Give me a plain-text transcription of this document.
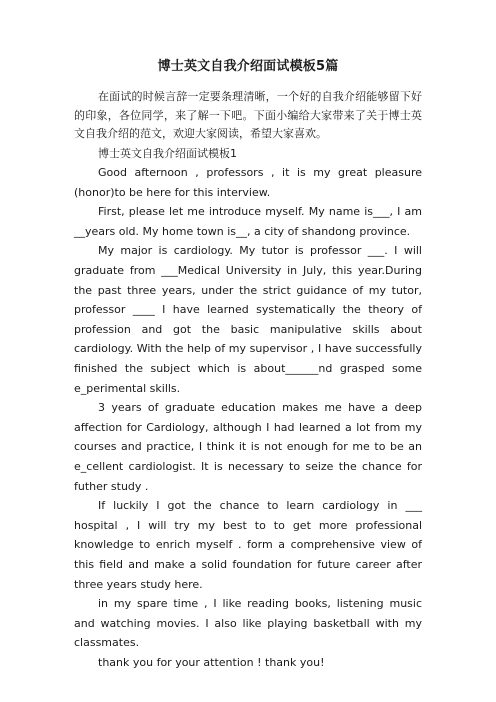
博士英文自我介绍面试模板5篇

在面试的时候言辞一定要条理清晰，一个好的自我介绍能够留下好的印象，各位同学，来了解一下吧。下面小编给大家带来了关于博士英文自我介绍的范文，欢迎大家阅读，希望大家喜欢。

博士英文自我介绍面试模板1

Good afternoon , professors , it is my great pleasure (honor)to be here for this interview.

First, please let me introduce myself. My name is___, I am __years old. My home town is__, a city of shandong province.

My major is cardiology. My tutor is professor ___. I will graduate from ___Medical University in July, this year.During the past three years, under the strict guidance of my tutor, professor ____ I have learned systematically the theory of profession and got the basic manipulative skills about cardiology. With the help of my supervisor , I have successfully finished the subject which is about______nd grasped some e_perimental skills.

3 years of graduate education makes me have a deep affection for Cardiology, although I had learned a lot from my courses and practice, I think it is not enough for me to be an e_cellent cardiologist. It is necessary to seize the chance for futher study .

If luckily I got the chance to learn cardiology in ___ hospital , I will try my best to to get more professional knowledge to enrich myself . form a comprehensive view of this field and make a solid foundation for future career after three years study here.

in my spare time , I like reading books, listening music and watching movies. I also like playing basketball with my classmates.

thank you for your attention ! thank you!
